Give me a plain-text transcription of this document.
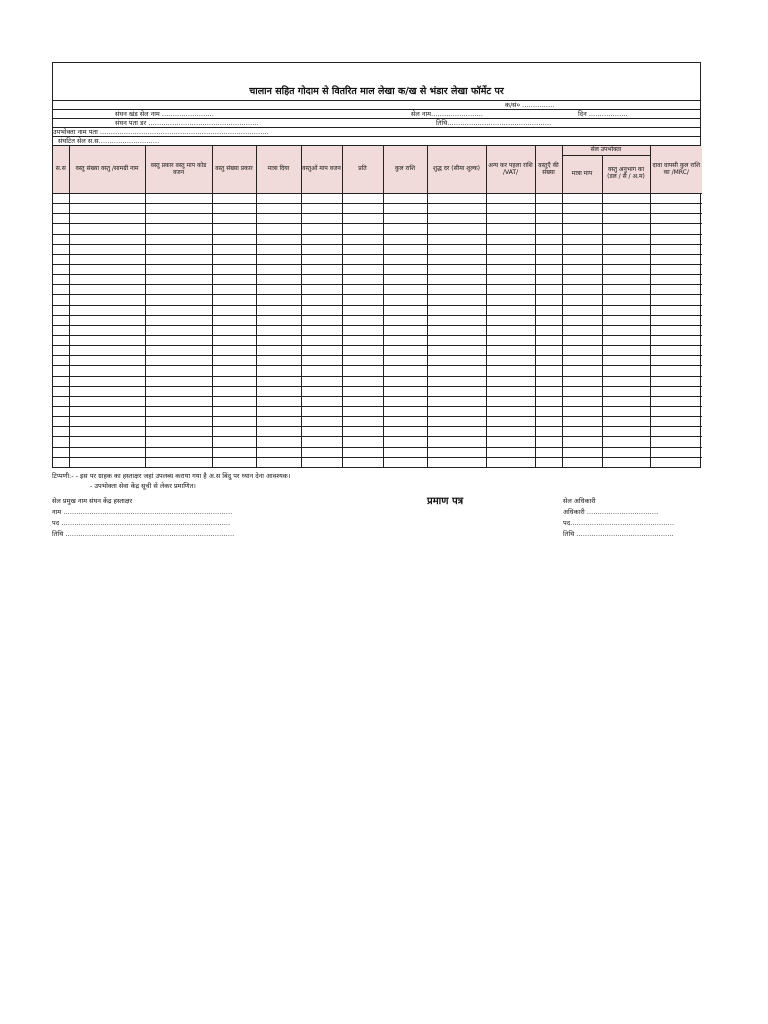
चालान सहित गोदाम से वितरित माल लेखा क/ख से भंडार लेखा फॉर्मेट पर
क/सं० ……………
संघन खंड सेल नाम ……………………	सेल नाम……………………	दिन ………………
संघन पता डर ……………………………………………	तिथि…………………………………………
उपभोक्ता नाम पता ……………………………………………………………………
संघटित सेल स.स.………………………
स.स	वस्तु संख्या वस्तु /सामग्री नाम	वस्तु प्रकार वस्तु माप कोड वजन	वस्तु संख्या प्रकार	मात्रा दिया	वस्तुओं माप वजन	प्रति	कुल राशि	शुद्ध दर (सीमा शुल्क)	अन्य कर पहला राशि /VAT/	वस्तुएँ की संख्या	सेल उपभोक्ता		दावा वापसी कुल राशि का /MRC/
											मात्रा माप	वस्तु अनुभाग का (डल / सै / अ.म)	

टिप्पणी:- - इस पर ग्राहक का हस्ताक्षर जहां उपलब्ध कराया गया है अ.स बिंदु पर ध्यान देना आवश्यक।
- उपभोक्ता सेवा केंद्र सूची से लेकर प्रमाणित।
प्रमाण पत्र
सेल प्रमुख नाम संघन केंद्र हस्ताक्षर
नाम ……………………………………………………………………
पद ……………………………………………………………………
तिथि ……………………………………………………………………
सेल अधिकारी
अधिकारी ……………………………
पद…………………………………………
तिथि ………………………………………
